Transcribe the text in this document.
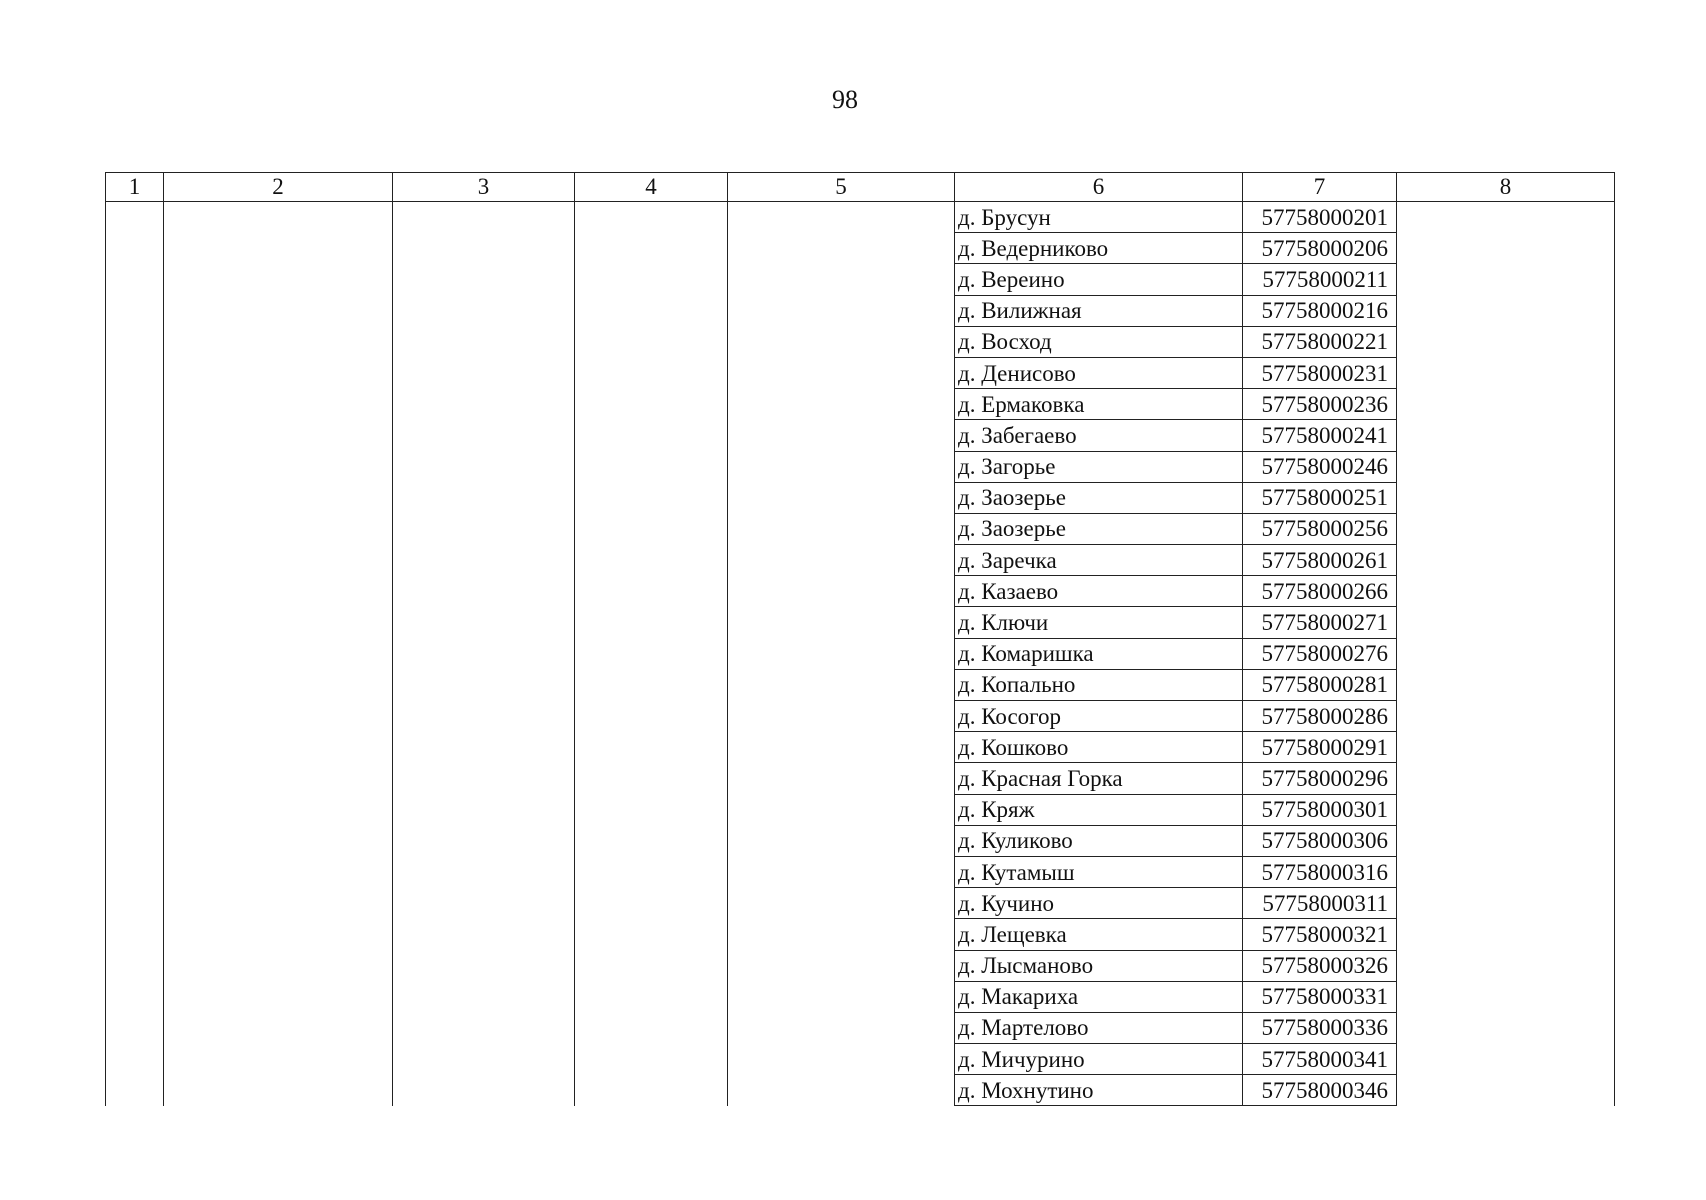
98
1	2	3	4	5	6	7	8
					д. Брусун	57758000201	
					д. Ведерниково	57758000206	
					д. Вереино	57758000211	
					д. Вилижная	57758000216	
					д. Восход	57758000221	
					д. Денисово	57758000231	
					д. Ермаковка	57758000236	
					д. Забегаево	57758000241	
					д. Загорье	57758000246	
					д. Заозерье	57758000251	
					д. Заозерье	57758000256	
					д. Заречка	57758000261	
					д. Казаево	57758000266	
					д. Ключи	57758000271	
					д. Комаришка	57758000276	
					д. Копально	57758000281	
					д. Косогор	57758000286	
					д. Кошково	57758000291	
					д. Красная Горка	57758000296	
					д. Кряж	57758000301	
					д. Куликово	57758000306	
					д. Кутамыш	57758000316	
					д. Кучино	57758000311	
					д. Лещевка	57758000321	
					д. Лысманово	57758000326	
					д. Макариха	57758000331	
					д. Мартелово	57758000336	
					д. Мичурино	57758000341	
					д. Мохнутино	57758000346	
